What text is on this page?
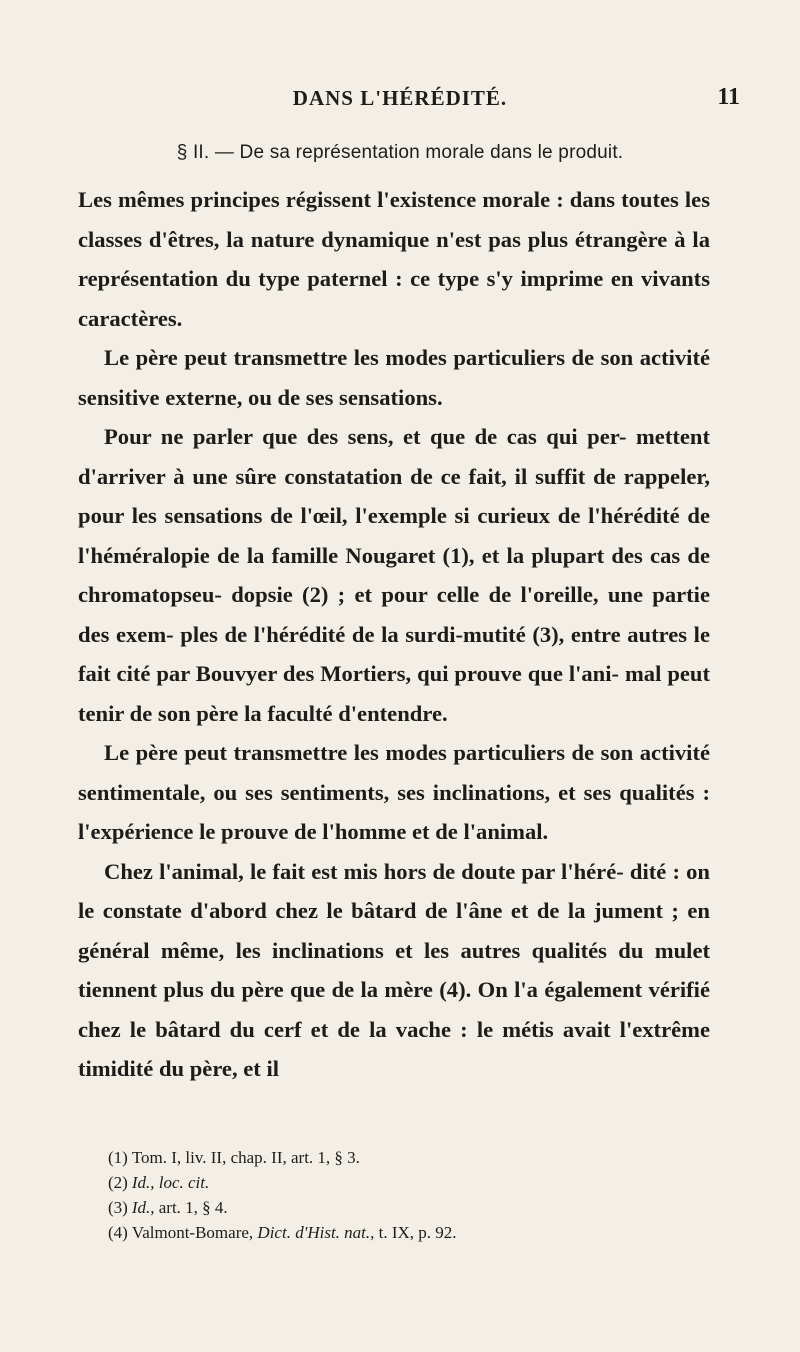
DANS L'HÉRÉDITÉ.	11
§ II. — De sa représentation morale dans le produit.

Les mêmes principes régissent l'existence morale : dans toutes les classes d'êtres, la nature dynamique n'est pas plus étrangère à la représentation du type paternel : ce type s'y imprime en vivants caractères.

Le père peut transmettre les modes particuliers de son activité sensitive externe, ou de ses sensations.

Pour ne parler que des sens, et que de cas qui per- mettent d'arriver à une sûre constatation de ce fait, il suffit de rappeler, pour les sensations de l'œil, l'exemple si curieux de l'hérédité de l'héméralopie de la famille Nougaret (1), et la plupart des cas de chromatopseu- dopsie (2) ; et pour celle de l'oreille, une partie des exem- ples de l'hérédité de la surdi-mutité (3), entre autres le fait cité par Bouvyer des Mortiers, qui prouve que l'ani- mal peut tenir de son père la faculté d'entendre.

Le père peut transmettre les modes particuliers de son activité sentimentale, ou ses sentiments, ses inclinations, et ses qualités : l'expérience le prouve de l'homme et de l'animal.

Chez l'animal, le fait est mis hors de doute par l'héré- dité : on le constate d'abord chez le bâtard de l'âne et de la jument ; en général même, les inclinations et les autres qualités du mulet tiennent plus du père que de la mère (4). On l'a également vérifié chez le bâtard du cerf et de la vache : le métis avait l'extrême timidité du père, et il

(1) Tom. I, liv. II, chap. II, art. 1, § 3.
(2) Id., loc. cit.
(3) Id., art. 1, § 4.
(4) Valmont-Bomare, Dict. d'Hist. nat., t. IX, p. 92.
